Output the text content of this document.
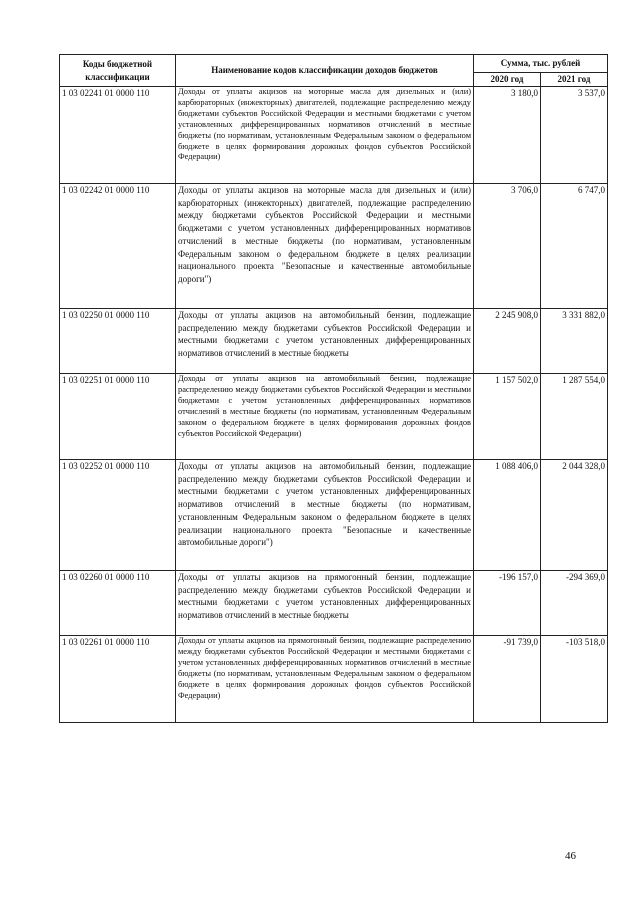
Коды бюджетной классификации	Наименование кодов классификации доходов бюджетов	Сумма, тыс. рублей	
		2020 год	2021 год
1 03 02241 01 0000 110	Доходы от уплаты акцизов на моторные масла для дизельных и (или) карбюраторных (инжекторных) двигателей, подлежащие распределению между бюджетами субъектов Российской Федерации и местными бюджетами с учетом установленных дифференцированных нормативов отчислений в местные бюджеты (по нормативам, установленным Федеральным законом о федеральном бюджете в целях формирования дорожных фондов субъектов Российской Федерации)	3 180,0	3 537,0
1 03 02242 01 0000 110	Доходы от уплаты акцизов на моторные масла для дизельных и (или) карбюраторных (инжекторных) двигателей, подлежащие распределению между бюджетами субъектов Российской Федерации и местными бюджетами с учетом установленных дифференцированных нормативов отчислений в местные бюджеты (по нормативам, установленным Федеральным законом о федеральном бюджете в целях реализации национального проекта "Безопасные и качественные автомобильные дороги")	3 706,0	6 747,0
1 03 02250 01 0000 110	Доходы от уплаты акцизов на автомобильный бензин, подлежащие распределению между бюджетами субъектов Российской Федерации и местными бюджетами с учетом установленных дифференцированных нормативов отчислений в местные бюджеты	2 245 908,0	3 331 882,0
1 03 02251 01 0000 110	Доходы от уплаты акцизов на автомобильный бензин, подлежащие распределению между бюджетами субъектов Российской Федерации и местными бюджетами с учетом установленных дифференцированных нормативов отчислений в местные бюджеты (по нормативам, установленным Федеральным законом о федеральном бюджете в целях формирования дорожных фондов субъектов Российской Федерации)	1 157 502,0	1 287 554,0
1 03 02252 01 0000 110	Доходы от уплаты акцизов на автомобильный бензин, подлежащие распределению между бюджетами субъектов Российской Федерации и местными бюджетами с учетом установленных дифференцированных нормативов отчислений в местные бюджеты (по нормативам, установленным Федеральным законом о федеральном бюджете в целях реализации национального проекта "Безопасные и качественные автомобильные дороги")	1 088 406,0	2 044 328,0
1 03 02260 01 0000 110	Доходы от уплаты акцизов на прямогонный бензин, подлежащие распределению между бюджетами субъектов Российской Федерации и местными бюджетами с учетом установленных дифференцированных нормативов отчислений в местные бюджеты	-196 157,0	-294 369,0
1 03 02261 01 0000 110	Доходы от уплаты акцизов на прямогонный бензин, подлежащие распределению между бюджетами субъектов Российской Федерации и местными бюджетами с учетом установленных дифференцированных нормативов отчислений в местные бюджеты (по нормативам, установленным Федеральным законом о федеральном бюджете в целях формирования дорожных фондов субъектов Российской Федерации)	-91 739,0	-103 518,0
46
